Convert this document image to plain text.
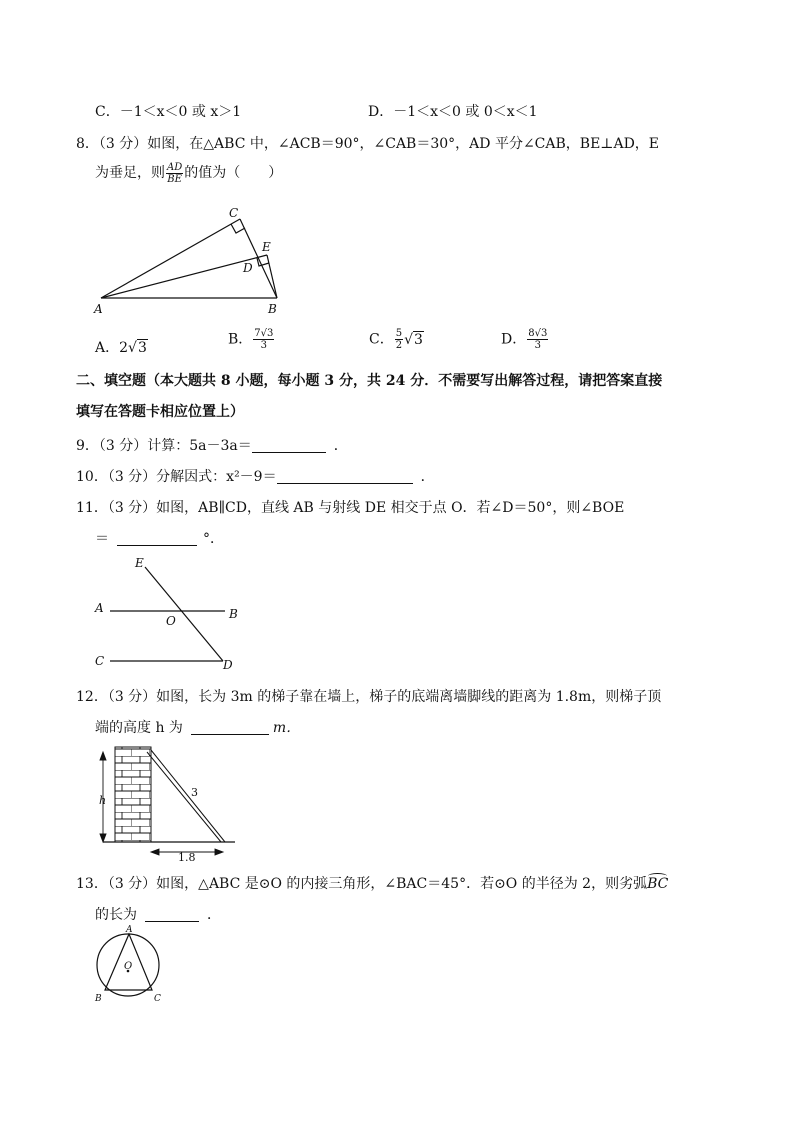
C．－1＜x＜0 或 x＞1	D．－1＜x＜0 或 0＜x＜1
8．（3 分）如图，在△ABC 中，∠ACB＝90°，∠CAB＝30°，AD 平分∠CAB，BE⊥AD，E
为垂足，则 $\frac{AD}{BE}$ 的值为（　　）
C
E
D
A	B
A．2√3
B． $\frac{7√3}{3}$	C． $\frac{5}{2} √3$	D． $\frac{8√3}{3}$
二、填空题（本大题共 8 小题，每小题 3 分，共 24 分．不需要写出解答过程，请把答案直接
填写在答题卡相应位置上）
9．（3 分）计算：5a－3a＝	．
10．（3 分）分解因式：x²－9＝	．
11．（3 分）如图，AB∥CD，直线 AB 与射线 DE 相交于点 O．若∠D＝50°，则∠BOE
＝	°．
E
A
O	B
C	D
12．（3 分）如图，长为 3m 的梯子靠在墙上，梯子的底端离墙脚线的距离为 1.8m，则梯子顶
端的高度 h 为	m．
h
3
1.8
13．（3 分）如图，△ABC 是⊙O 的内接三角形，∠BAC＝45°．若⊙O 的半径为 2，则劣弧BC
的长为	．
A
O
B	C
